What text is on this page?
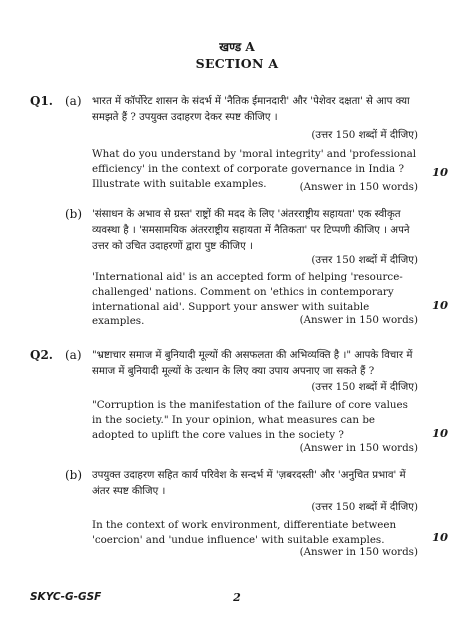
खण्ड A
SECTION A
Q1. (a) भारत में कॉर्पोरेट शासन के संदर्भ में 'नैतिक ईमानदारी' और 'पेशेवर दक्षता' से आप क्या समझते हैं ? उपयुक्त उदाहरण देकर स्पष्ट कीजिए ।
(उत्तर 150 शब्दों में दीजिए)
What do you understand by 'moral integrity' and 'professional efficiency' in the context of corporate governance in India ? Illustrate with suitable examples.
10
(Answer in 150 words)
(b) 'संसाधन के अभाव से ग्रस्त' राष्ट्रों की मदद के लिए 'अंतरराष्ट्रीय सहायता' एक स्वीकृत व्यवस्था है । 'समसामयिक अंतरराष्ट्रीय सहायता में नैतिकता' पर टिप्पणी कीजिए । अपने उत्तर को उचित उदाहरणों द्वारा पुष्ट कीजिए ।
(उत्तर 150 शब्दों में दीजिए)
'International aid' is an accepted form of helping 'resource-challenged' nations. Comment on 'ethics in contemporary international aid'. Support your answer with suitable examples.
10
(Answer in 150 words)
Q2. (a) "भ्रष्टाचार समाज में बुनियादी मूल्यों की असफलता की अभिव्यक्ति है ।" आपके विचार में समाज में बुनियादी मूल्यों के उत्थान के लिए क्या उपाय अपनाए जा सकते हैं ?
(उत्तर 150 शब्दों में दीजिए)
"Corruption is the manifestation of the failure of core values in the society." In your opinion, what measures can be adopted to uplift the core values in the society ?	10
(Answer in 150 words)
(b) उपयुक्त उदाहरण सहित कार्य परिवेश के सन्दर्भ में 'ज़बरदस्ती' और 'अनुचित प्रभाव' में अंतर स्पष्ट कीजिए ।
(उत्तर 150 शब्दों में दीजिए)
In the context of work environment, differentiate between 'coercion' and 'undue influence' with suitable examples.	10
(Answer in 150 words)
SKYC-G-GSF	2
